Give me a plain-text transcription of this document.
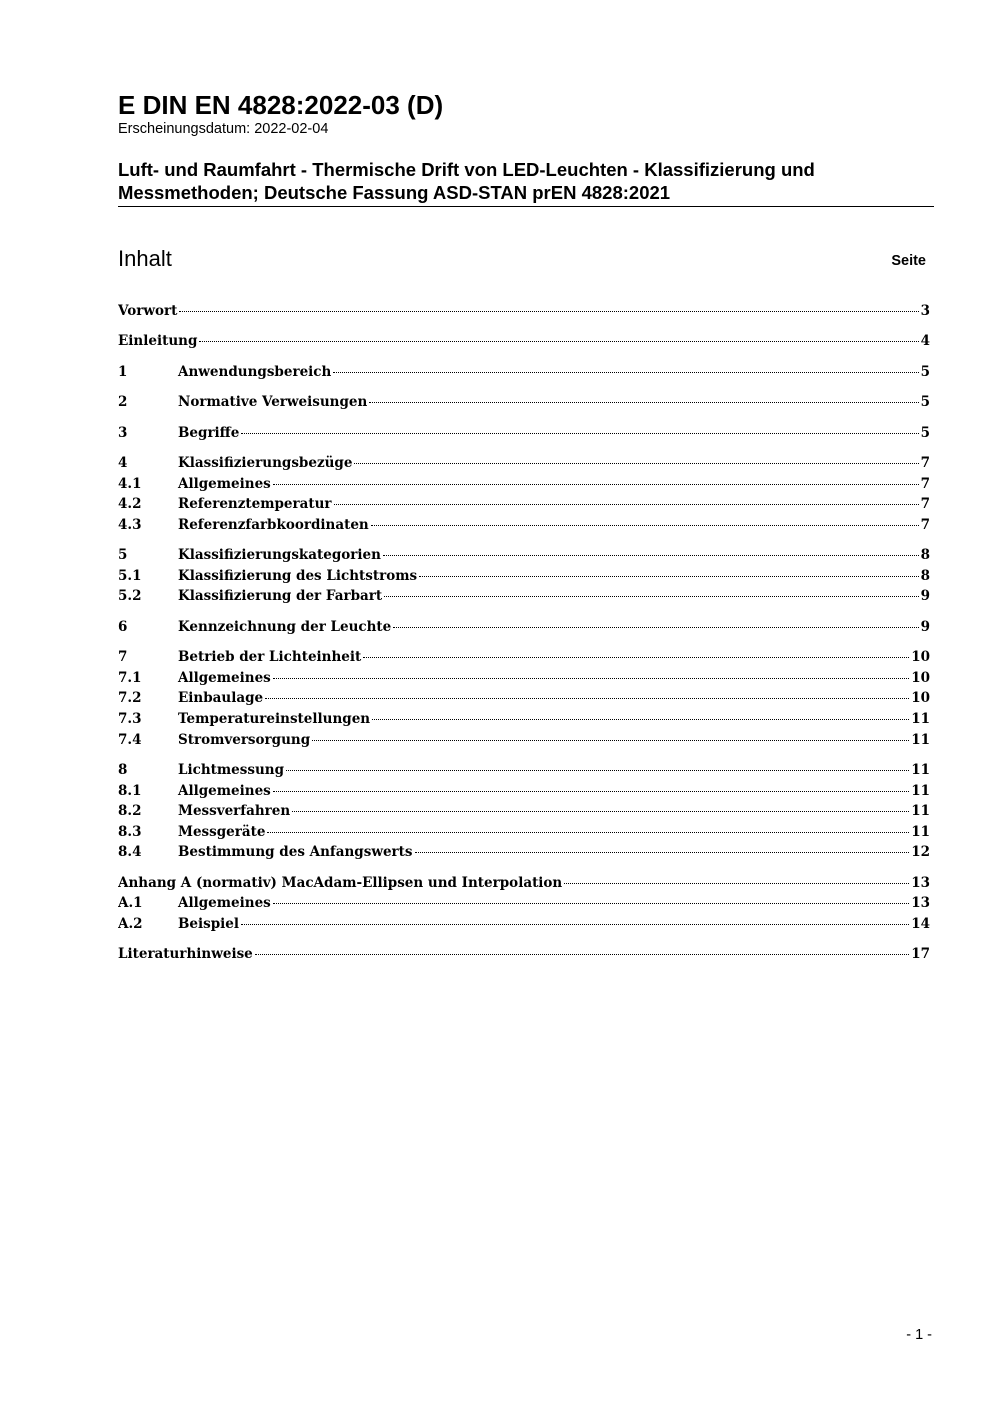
E DIN EN 4828:2022-03 (D)
Erscheinungsdatum: 2022-02-04
Luft- und Raumfahrt - Thermische Drift von LED-Leuchten - Klassifizierung und
Messmethoden; Deutsche Fassung ASD-STAN prEN 4828:2021
Inhalt	Seite
Vorwort	3
Einleitung	4
1	Anwendungsbereich	5
2	Normative Verweisungen	5
3	Begriffe	5
4	Klassifizierungsbezüge	7
4.1	Allgemeines	7
4.2	Referenztemperatur	7
4.3	Referenzfarbkoordinaten	7
5	Klassifizierungskategorien	8
5.1	Klassifizierung des Lichtstroms	8
5.2	Klassifizierung der Farbart	9
6	Kennzeichnung der Leuchte	9
7	Betrieb der Lichteinheit	10
7.1	Allgemeines	10
7.2	Einbaulage	10
7.3	Temperatureinstellungen	11
7.4	Stromversorgung	11
8	Lichtmessung	11
8.1	Allgemeines	11
8.2	Messverfahren	11
8.3	Messgeräte	11
8.4	Bestimmung des Anfangswerts	12
Anhang A (normativ) MacAdam-Ellipsen und Interpolation	13
A.1	Allgemeines	13
A.2	Beispiel	14
Literaturhinweise	17
- 1 -
